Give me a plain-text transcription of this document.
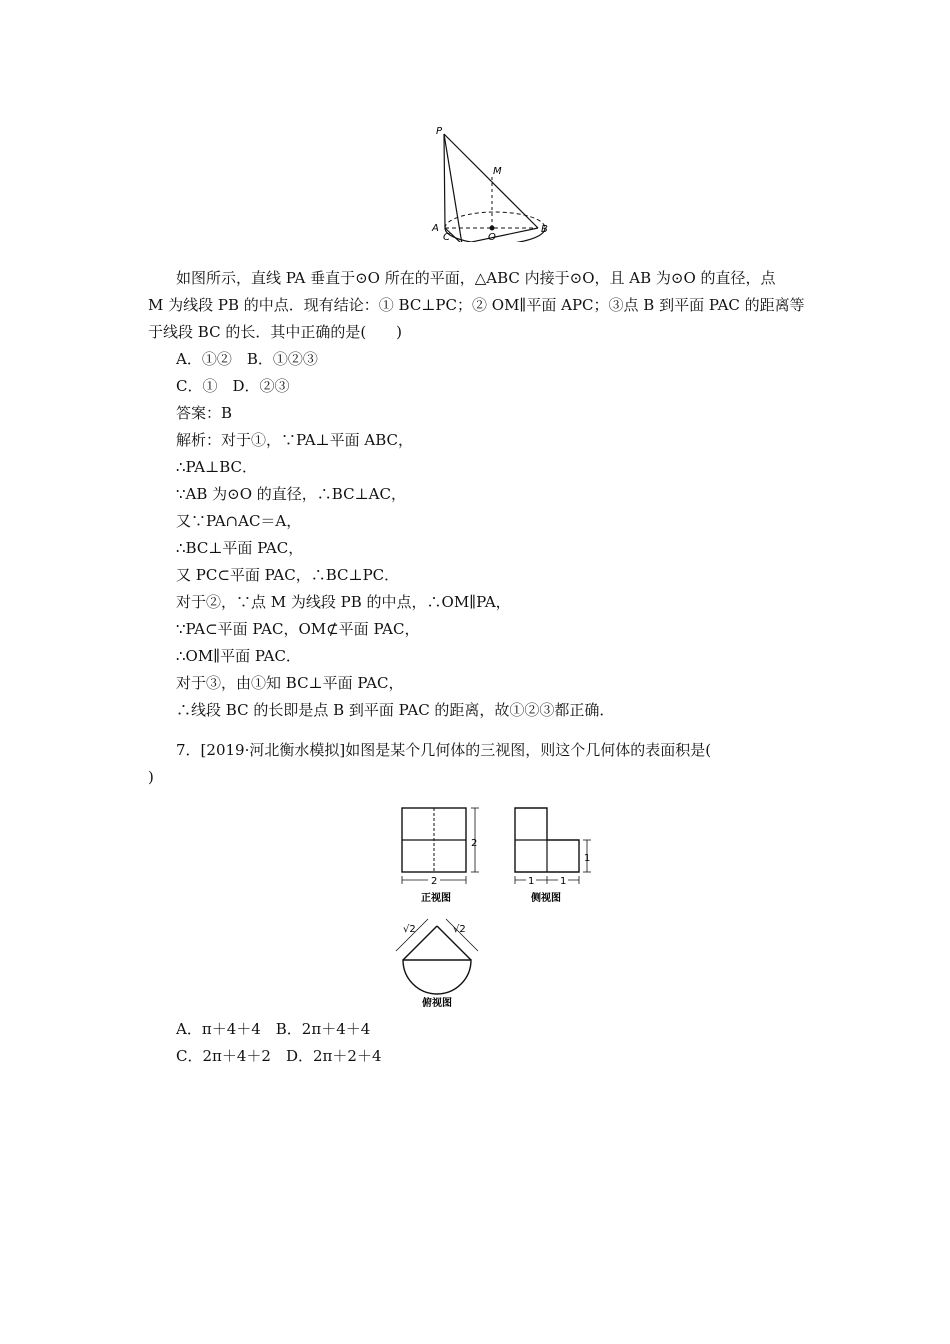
P
M
A
O
B
C
如图所示，直线 PA 垂直于⊙O 所在的平面，△ABC 内接于⊙O，且 AB 为⊙O 的直径，点
M 为线段 PB 的中点．现有结论：① BC⊥PC；② OM∥平面 APC；③点 B 到平面 PAC 的距离等
于线段 BC 的长．其中正确的是(　　)
A．①②　B．①②③
C．①　D．②③
答案：B
解析：对于①，∵PA⊥平面 ABC，
∴PA⊥BC．
∵AB 为⊙O 的直径，∴BC⊥AC，
又∵PA∩AC＝A，
∴BC⊥平面 PAC，
又 PC⊂平面 PAC，∴BC⊥PC．
对于②，∵点 M 为线段 PB 的中点，∴OM∥PA，
∵PA⊂平面 PAC，OM⊄平面 PAC，
∴OM∥平面 PAC．
对于③，由①知 BC⊥平面 PAC，
∴线段 BC 的长即是点 B 到平面 PAC 的距离，故①②③都正确．
7．[2019·河北衡水模拟]如图是某个几何体的三视图，则这个几何体的表面积是(
)
2
2
正视图
1
1	1
侧视图
√2	√2
俯视图
A．π＋4＋4　B．2π＋4＋4
C．2π＋4＋2　D．2π＋2＋4
